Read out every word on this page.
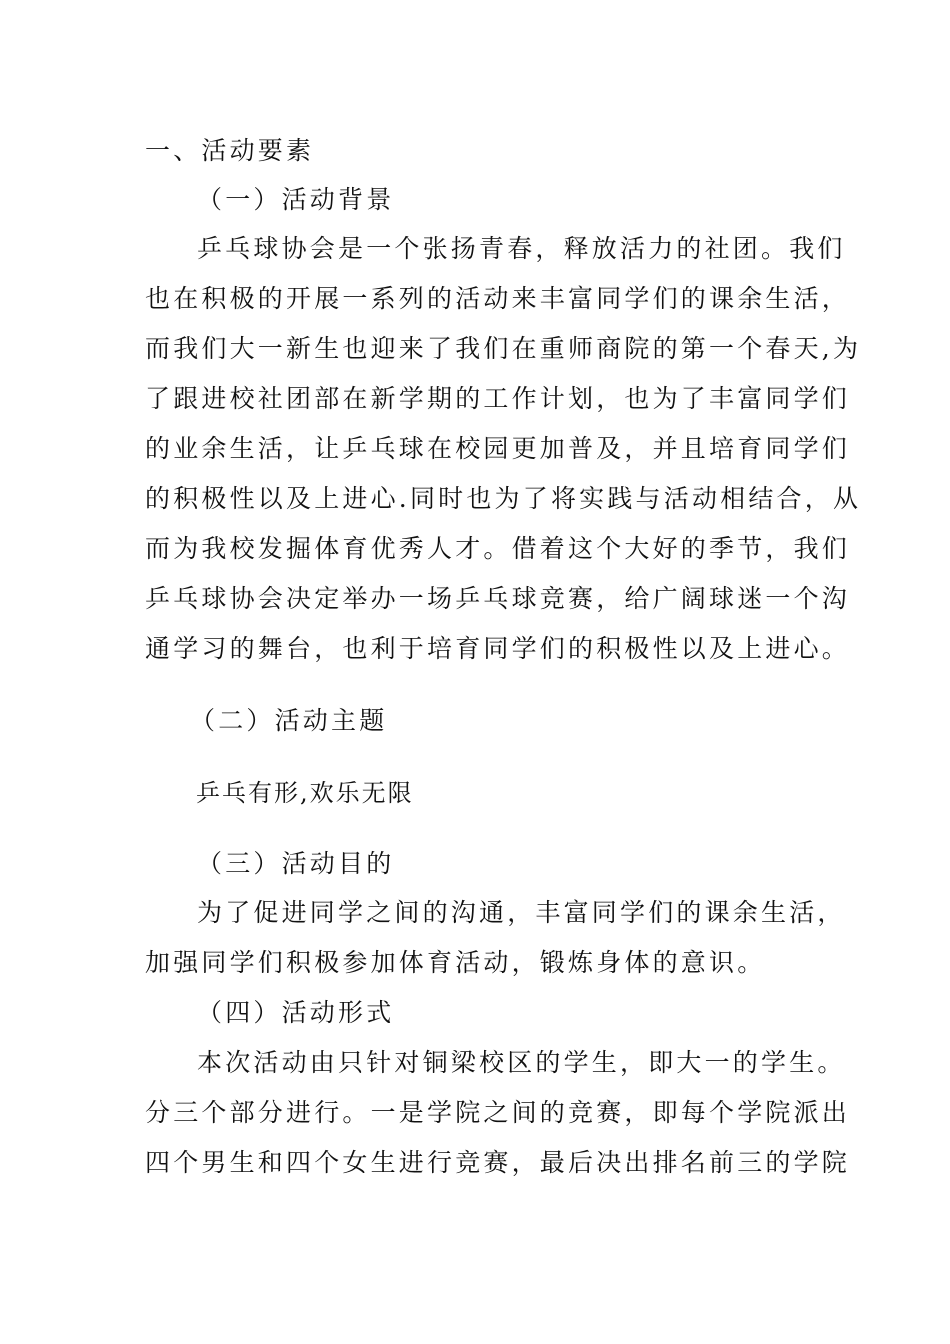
一、活动要素
（一）活动背景
乒乓球协会是一个张扬青春，释放活力的社团。我们
也在积极的开展一系列的活动来丰富同学们的课余生活，
而我们大一新生也迎来了我们在重师商院的第一个春天,为
了跟进校社团部在新学期的工作计划，也为了丰富同学们
的业余生活，让乒乓球在校园更加普及，并且培育同学们
的积极性以及上进心.同时也为了将实践与活动相结合，从
而为我校发掘体育优秀人才。借着这个大好的季节，我们
乒乓球协会决定举办一场乒乓球竞赛，给广阔球迷一个沟
通学习的舞台，也利于培育同学们的积极性以及上进心。
（二）活动主题
乒乓有形,欢乐无限
（三）活动目的
为了促进同学之间的沟通，丰富同学们的课余生活，
加强同学们积极参加体育活动，锻炼身体的意识。
（四）活动形式
本次活动由只针对铜梁校区的学生，即大一的学生。
分三个部分进行。一是学院之间的竞赛，即每个学院派出
四个男生和四个女生进行竞赛，最后决出排名前三的学院
